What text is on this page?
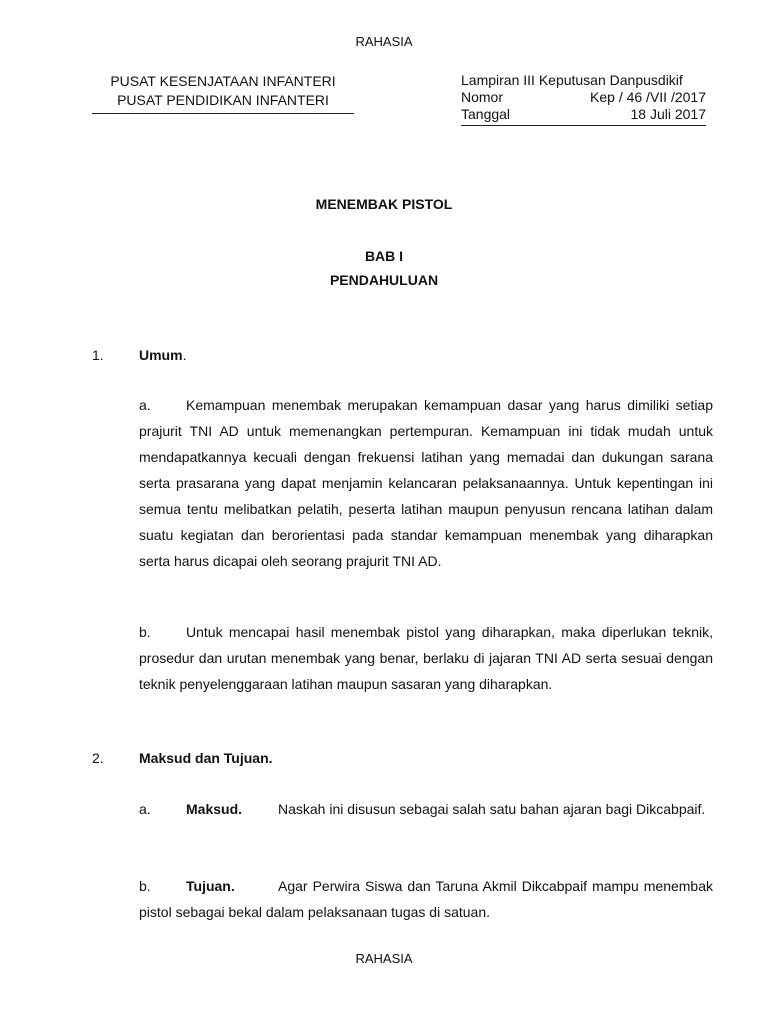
RAHASIA
PUSAT KESENJATAAN INFANTERI
PUSAT PENDIDIKAN INFANTERI
Lampiran III Keputusan Danpusdikif
Nomor	Kep / 46 /VII /2017
Tanggal	18 Juli 2017
MENEMBAK PISTOL
BAB I
PENDAHULUAN
1.	Umum.
a.	Kemampuan menembak merupakan kemampuan dasar yang harus dimiliki setiap prajurit TNI AD untuk memenangkan pertempuran. Kemampuan ini tidak mudah untuk mendapatkannya kecuali dengan frekuensi latihan yang memadai dan dukungan sarana serta prasarana yang dapat menjamin kelancaran pelaksanaannya. Untuk kepentingan ini semua tentu melibatkan pelatih, peserta latihan maupun penyusun rencana latihan dalam suatu kegiatan dan berorientasi pada standar kemampuan menembak yang diharapkan serta harus dicapai oleh seorang prajurit TNI AD.
b.	Untuk mencapai hasil menembak pistol yang diharapkan, maka diperlukan teknik, prosedur dan urutan menembak yang benar, berlaku di jajaran TNI AD serta sesuai dengan teknik penyelenggaraan latihan maupun sasaran yang diharapkan.
2.	Maksud dan Tujuan.
a.	Maksud.	Naskah ini disusun sebagai salah satu bahan ajaran bagi Dikcabpaif.
b.	Tujuan.	Agar Perwira Siswa dan Taruna Akmil Dikcabpaif mampu menembak pistol sebagai bekal dalam pelaksanaan tugas di satuan.
RAHASIA
